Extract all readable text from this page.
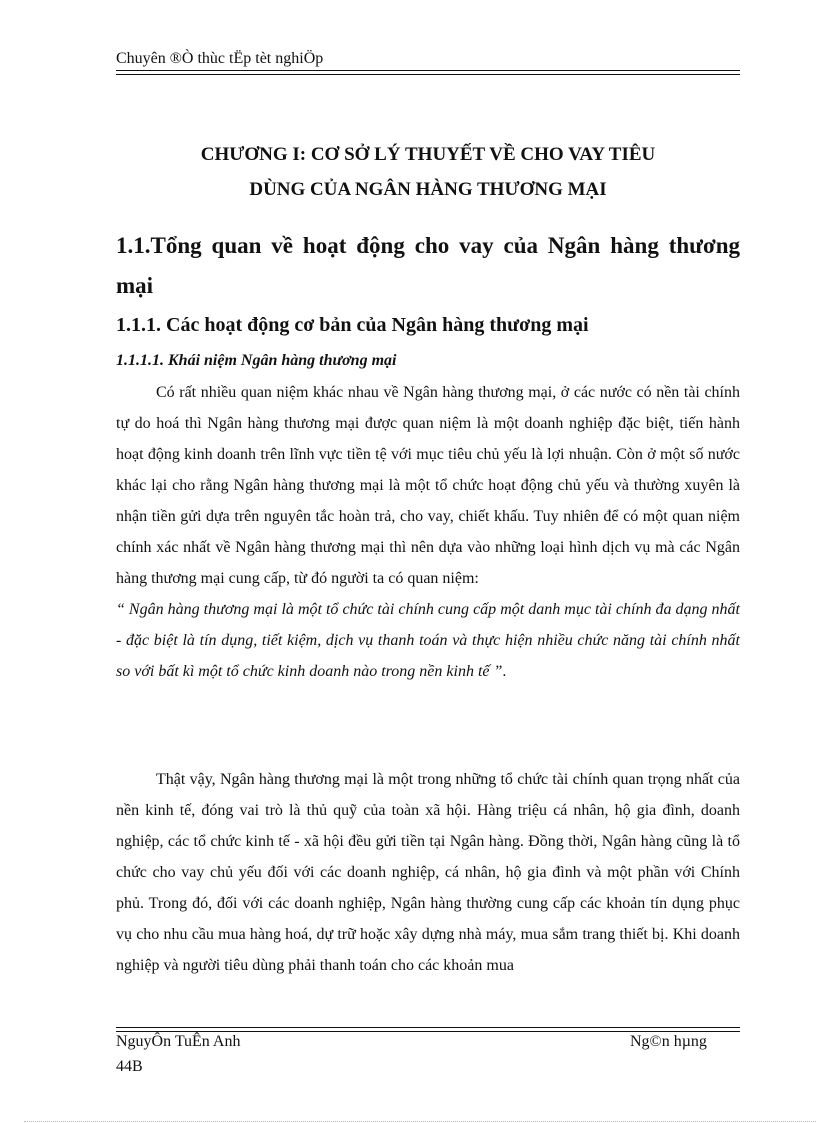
Chuyên ®Ò thùc tËp tèt nghiÖp
CHƯƠNG I: CƠ SỞ LÝ THUYẾT VỀ CHO VAY TIÊU
DÙNG CỦA NGÂN HÀNG THƯƠNG MẠI
1.1.Tổng quan về hoạt động cho vay của Ngân hàng thương mại
1.1.1. Các hoạt động cơ bản của Ngân hàng thương mại
1.1.1.1. Khái niệm Ngân hàng thương mại

Có rất nhiều quan niệm khác nhau về Ngân hàng thương mại, ở các nước có nền tài chính tự do hoá thì Ngân hàng thương mại được quan niệm là một doanh nghiệp đặc biệt, tiến hành hoạt động kinh doanh trên lĩnh vực tiền tệ với mục tiêu chủ yếu là lợi nhuận. Còn ở một số nước khác lại cho rằng Ngân hàng thương mại là một tổ chức hoạt động chủ yếu và thường xuyên là nhận tiền gửi dựa trên nguyên tắc hoàn trả, cho vay, chiết khấu. Tuy nhiên để có một quan niệm chính xác nhất về Ngân hàng thương mại thì nên dựa vào những loại hình dịch vụ mà các Ngân hàng thương mại cung cấp, từ đó người ta có quan niệm:
“ Ngân hàng thương mại là một tổ chức tài chính cung cấp một danh mục tài chính đa dạng nhất - đặc biệt là tín dụng, tiết kiệm, dịch vụ thanh toán và thực hiện nhiều chức năng tài chính nhất so với bất kì một tổ chức kinh doanh nào trong nền kinh tế ”.

Thật vậy, Ngân hàng thương mại là một trong những tổ chức tài chính quan trọng nhất của nền kinh tế, đóng vai trò là thủ quỹ của toàn xã hội. Hàng triệu cá nhân, hộ gia đình, doanh nghiệp, các tổ chức kinh tế - xã hội đều gửi tiền tại Ngân hàng. Đồng thời, Ngân hàng cũng là tổ chức cho vay chủ yếu đối với các doanh nghiệp, cá nhân, hộ gia đình và một phần với Chính phủ. Trong đó, đối với các doanh nghiệp, Ngân hàng thường cung cấp các khoản tín dụng phục vụ cho nhu cầu mua hàng hoá, dự trữ hoặc xây dựng nhà máy, mua sắm trang thiết bị. Khi doanh nghiệp và người tiêu dùng phải thanh toán cho các khoản mua

NguyÔn TuÊn Anh
44B
Ng©n hµng
